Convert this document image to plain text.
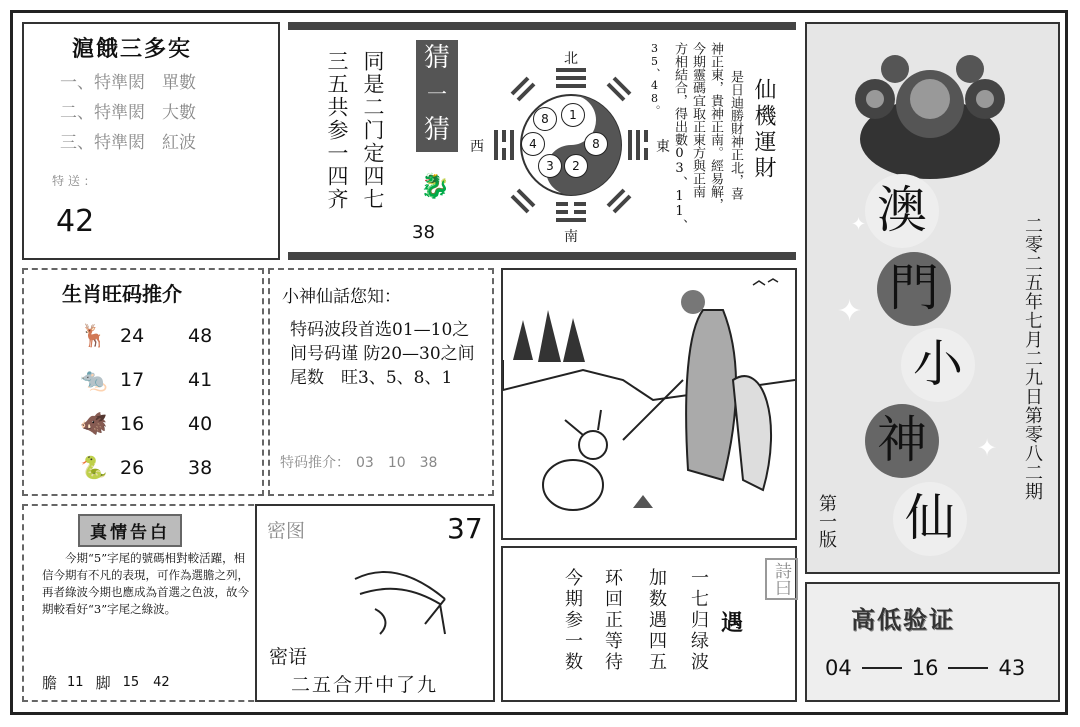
滬餓三多𡧦
一、特準閎　單數
二、特準閎　大數
三、特準閎　紅波
特 送 ：
42
三五共参一四齐 同是二门定四七	猜
一
猜
🐉
38
北
南
西	東
8	1
4	8
3	2
35、48。 方相結合，得出數03、11、 今期靈碼宜取正東方與正南 神正東，貴神正南。經易解， 是日迪勝財神正北，喜 仙機運財
澳
門
小
神
仙
二零二五年七月二九日第零八二期
第一版
✦
✦
✦
生肖旺码推介
🦌 24	48
🐀 17	41
🐗 16	40
🐍 26	38
小神仙話您知：
特码波段首选01—10之 间号码谨 防20—30之间尾数　旺3、5、8、1
特码推介： 03　10　38
真情告白
今期“5”字尾的號碼相對較活躍，相信今期有不凡的表現，可作為選膽之列，再者綠波今期也應成為首選之色波，故今期較看好“3”字尾之綠波。
膽 11 脚 15 42
密图	37
密语
二五合开中了九
今期参一数 环回正等待 加数遇四五 一七归绿波 遇
詩曰
高低验证
04	16	43
